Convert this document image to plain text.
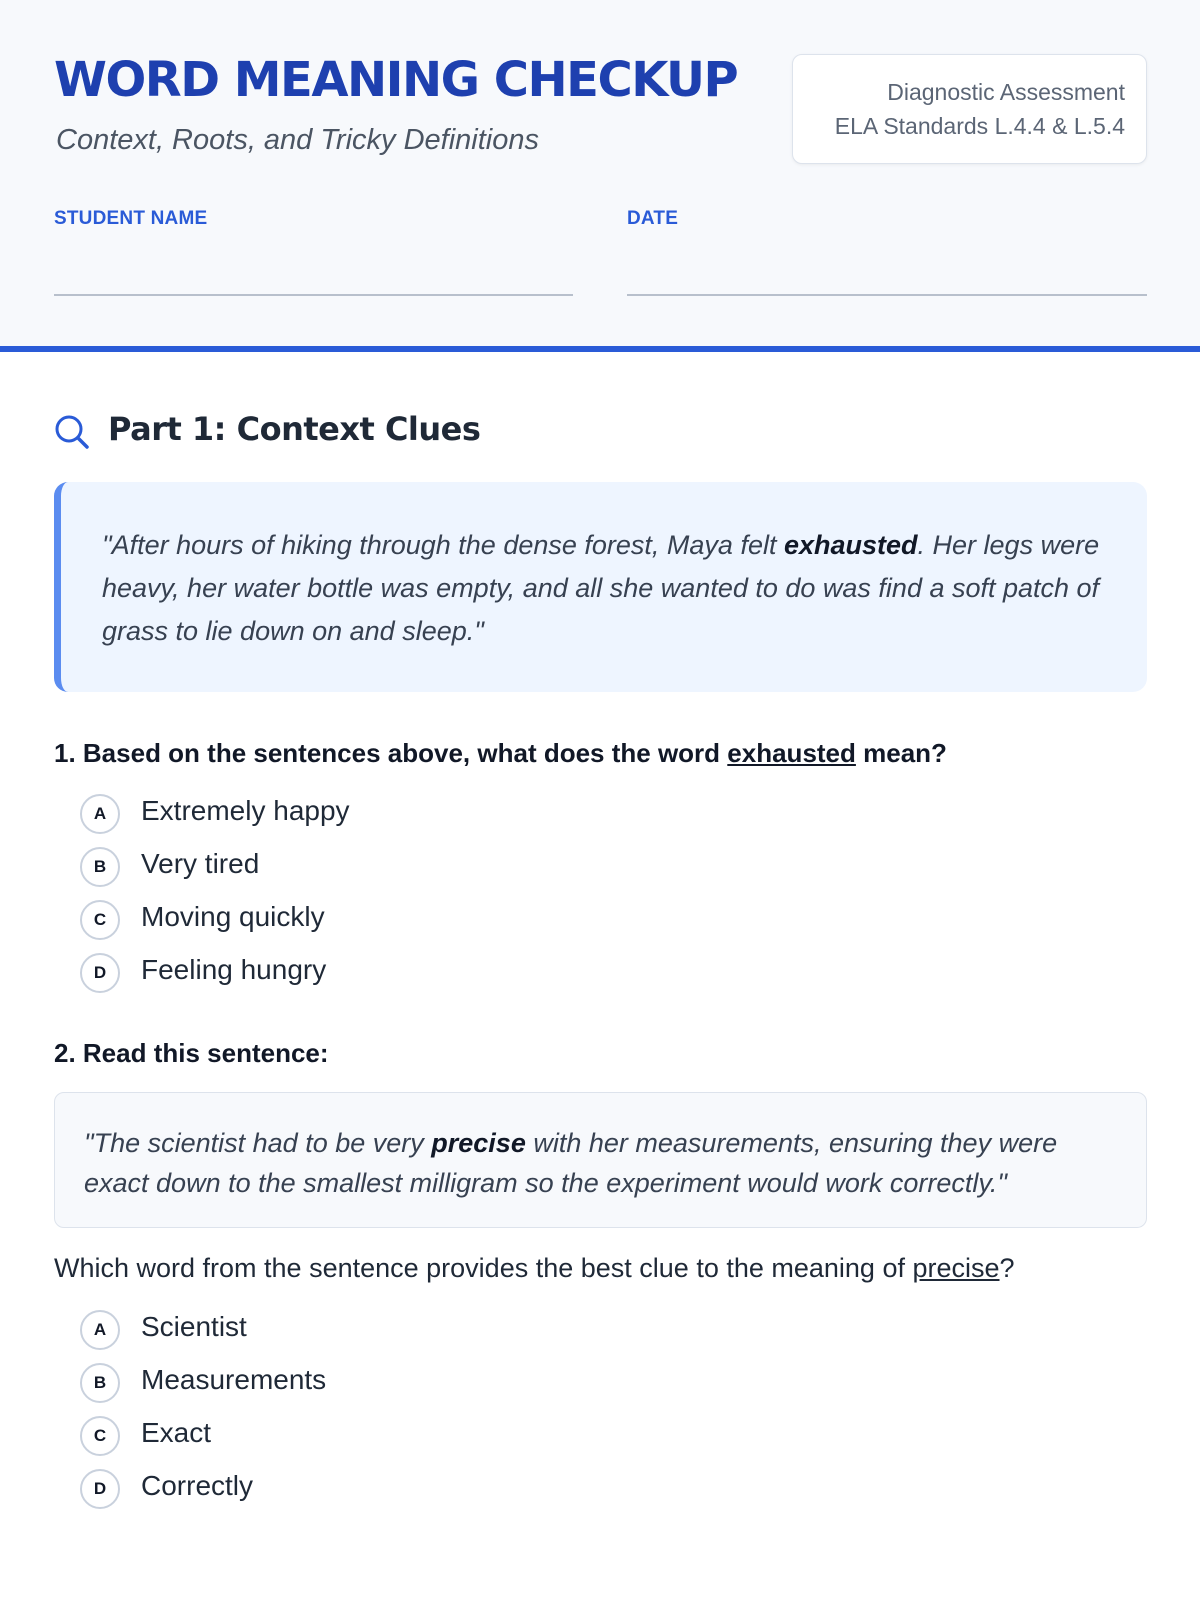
WORD MEANING CHECKUP
Context, Roots, and Tricky Definitions
Diagnostic Assessment
ELA Standards L.4.4 & L.5.4
STUDENT NAME	DATE
Part 1: Context Clues
"After hours of hiking through the dense forest, Maya felt exhausted. Her legs were heavy, her water bottle was empty, and all she wanted to do was find a soft patch of grass to lie down on and sleep."
1. Based on the sentences above, what does the word exhausted mean?
A	Extremely happy
B	Very tired
C	Moving quickly
D	Feeling hungry
2. Read this sentence:
"The scientist had to be very precise with her measurements, ensuring they were exact down to the smallest milligram so the experiment would work correctly."
Which word from the sentence provides the best clue to the meaning of precise?
A	Scientist
B	Measurements
C	Exact
D	Correctly
